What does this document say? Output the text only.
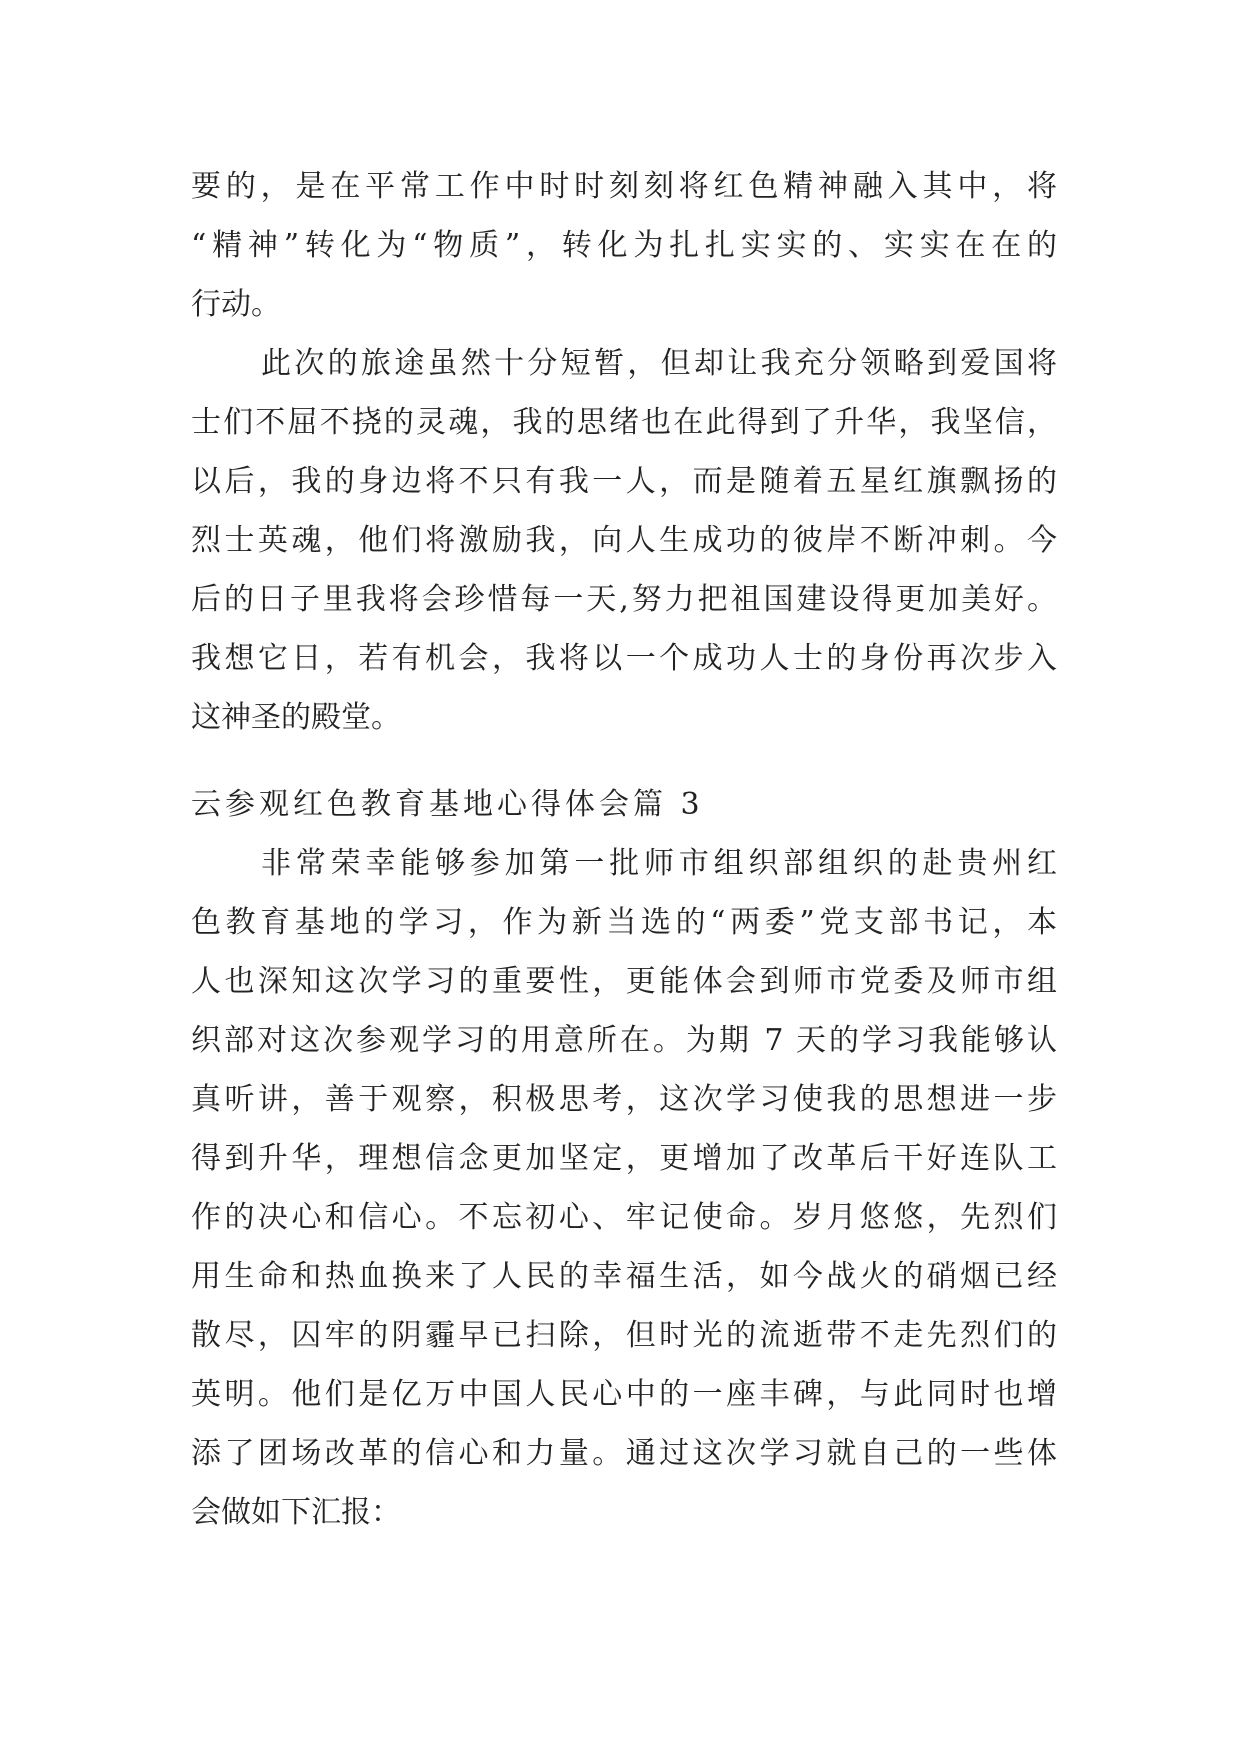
要的，是在平常工作中时时刻刻将红色精神融入其中，将
“精神”转化为“物质”，转化为扎扎实实的、实实在在的
行动。
此次的旅途虽然十分短暂，但却让我充分领略到爱国将
士们不屈不挠的灵魂，我的思绪也在此得到了升华，我坚信，
以后，我的身边将不只有我一人，而是随着五星红旗飘扬的
烈士英魂，他们将激励我，向人生成功的彼岸不断冲刺。今
后的日子里我将会珍惜每一天,努力把祖国建设得更加美好。
我想它日，若有机会，我将以一个成功人士的身份再次步入
这神圣的殿堂。
云参观红色教育基地心得体会篇 3
非常荣幸能够参加第一批师市组织部组织的赴贵州红
色教育基地的学习，作为新当选的“两委”党支部书记，本
人也深知这次学习的重要性，更能体会到师市党委及师市组
织部对这次参观学习的用意所在。为期 7 天的学习我能够认
真听讲，善于观察，积极思考，这次学习使我的思想进一步
得到升华，理想信念更加坚定，更增加了改革后干好连队工
作的决心和信心。不忘初心、牢记使命。岁月悠悠，先烈们
用生命和热血换来了人民的幸福生活，如今战火的硝烟已经
散尽，囚牢的阴霾早已扫除，但时光的流逝带不走先烈们的
英明。他们是亿万中国人民心中的一座丰碑，与此同时也增
添了团场改革的信心和力量。通过这次学习就自己的一些体
会做如下汇报：
